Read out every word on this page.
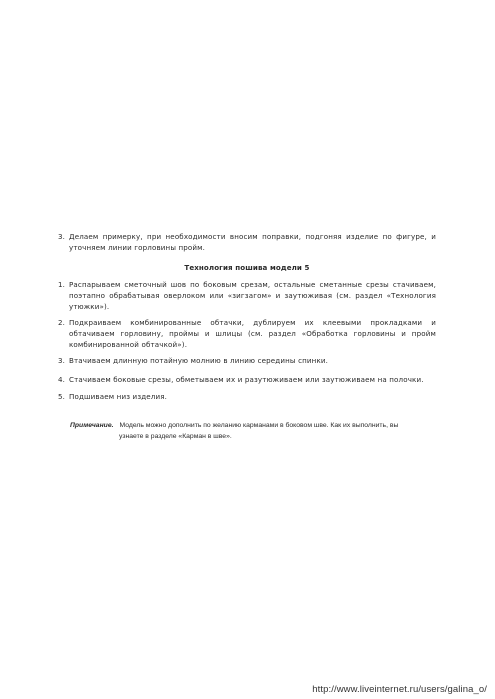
3. Делаем примерку, при необходимости вносим поправки, подгоняя изделие по фигуре, и уточняем линии горловины пройм.

Технология пошива модели 5

1. Распарываем сметочный шов по боковым срезам, остальные сметанные срезы стачиваем, поэтапно обрабатывая оверлоком или «зигзагом» и заутюживая (см. раздел «Технология утюжки»).

2. Подкраиваем комбинированные обтачки, дублируем их клеевыми прокладками и обтачиваем горловину, проймы и шлицы (см. раздел «Обработка горловины и пройм комбинированной обтачкой»).

3. Втачиваем длинную потайную молнию в линию середины спинки.

4. Стачиваем боковые срезы, обметываем их и разутюживаем или заутюживаем на полочки.

5. Подшиваем низ изделия.

Примечание. Модель можно дополнить по желанию карманами в боковом шве. Как их выполнить, вы
узнаете в разделе «Карман в шве».
http://www.liveinternet.ru/users/galina_o/
